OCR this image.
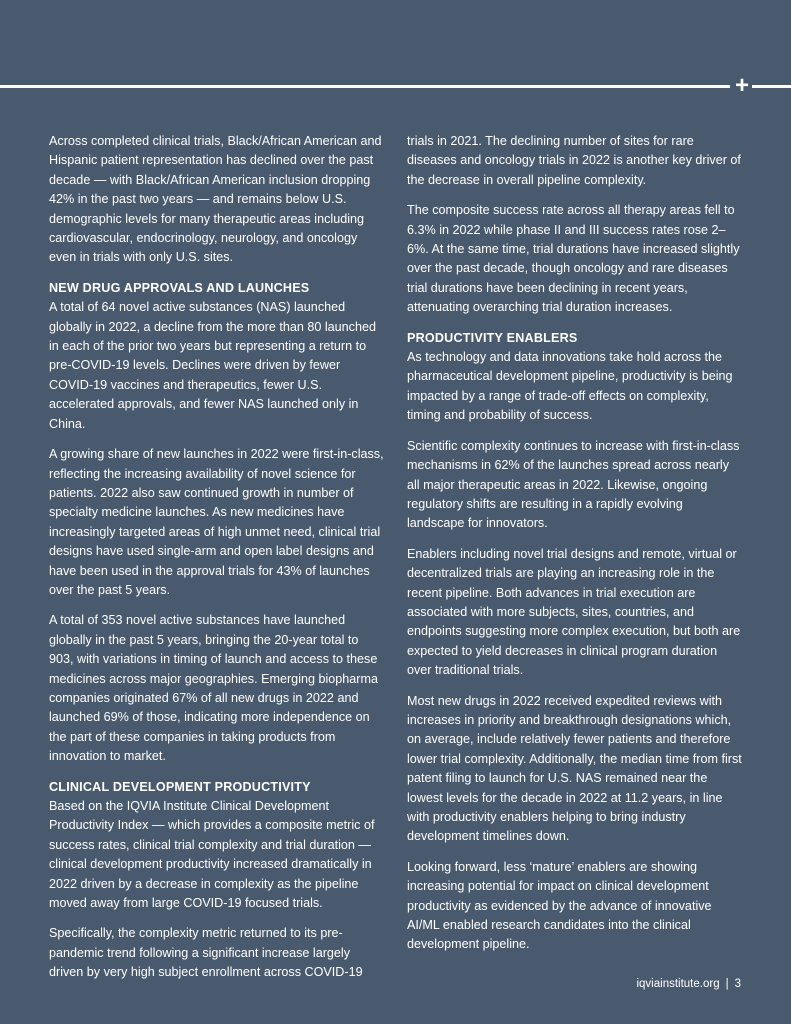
+

Across completed clinical trials, Black/African American and Hispanic patient representation has declined over the past decade — with Black/African American inclusion dropping 42% in the past two years — and remains below U.S. demographic levels for many therapeutic areas including cardiovascular, endocrinology, neurology, and oncology even in trials with only U.S. sites.

NEW DRUG APPROVALS AND LAUNCHES

A total of 64 novel active substances (NAS) launched globally in 2022, a decline from the more than 80 launched in each of the prior two years but representing a return to pre-COVID-19 levels. Declines were driven by fewer COVID-19 vaccines and therapeutics, fewer U.S. accelerated approvals, and fewer NAS launched only in China.

A growing share of new launches in 2022 were first-in-class, reflecting the increasing availability of novel science for patients. 2022 also saw continued growth in number of specialty medicine launches. As new medicines have increasingly targeted areas of high unmet need, clinical trial designs have used single-arm and open label designs and have been used in the approval trials for 43% of launches over the past 5 years.

A total of 353 novel active substances have launched globally in the past 5 years, bringing the 20-year total to 903, with variations in timing of launch and access to these medicines across major geographies. Emerging biopharma companies originated 67% of all new drugs in 2022 and launched 69% of those, indicating more independence on the part of these companies in taking products from innovation to market.

CLINICAL DEVELOPMENT PRODUCTIVITY

Based on the IQVIA Institute Clinical Development Productivity Index — which provides a composite metric of success rates, clinical trial complexity and trial duration — clinical development productivity increased dramatically in 2022 driven by a decrease in complexity as the pipeline moved away from large COVID-19 focused trials.

Specifically, the complexity metric returned to its pre-pandemic trend following a significant increase largely driven by very high subject enrollment across COVID-19

trials in 2021. The declining number of sites for rare diseases and oncology trials in 2022 is another key driver of the decrease in overall pipeline complexity.

The composite success rate across all therapy areas fell to 6.3% in 2022 while phase II and III success rates rose 2–6%. At the same time, trial durations have increased slightly over the past decade, though oncology and rare diseases trial durations have been declining in recent years, attenuating overarching trial duration increases.

PRODUCTIVITY ENABLERS

As technology and data innovations take hold across the pharmaceutical development pipeline, productivity is being impacted by a range of trade-off effects on complexity, timing and probability of success.

Scientific complexity continues to increase with first-in-class mechanisms in 62% of the launches spread across nearly all major therapeutic areas in 2022. Likewise, ongoing regulatory shifts are resulting in a rapidly evolving landscape for innovators.

Enablers including novel trial designs and remote, virtual or decentralized trials are playing an increasing role in the recent pipeline. Both advances in trial execution are associated with more subjects, sites, countries, and endpoints suggesting more complex execution, but both are expected to yield decreases in clinical program duration over traditional trials.

Most new drugs in 2022 received expedited reviews with increases in priority and breakthrough designations which, on average, include relatively fewer patients and therefore lower trial complexity. Additionally, the median time from first patent filing to launch for U.S. NAS remained near the lowest levels for the decade in 2022 at 11.2 years, in line with productivity enablers helping to bring industry development timelines down.

Looking forward, less ‘mature’ enablers are showing increasing potential for impact on clinical development productivity as evidenced by the advance of innovative AI/ML enabled research candidates into the clinical development pipeline.

iqviainstitute.org | 3
